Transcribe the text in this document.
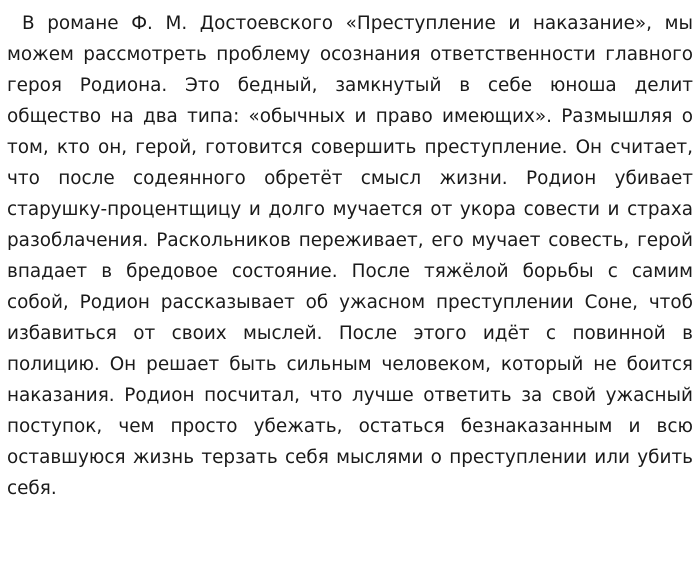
В романе Ф. М. Достоевского «Преступление и наказание», мы можем рассмотреть проблему осознания ответственности главного героя Родиона. Это бедный, замкнутый в себе юноша делит общество на два типа: «обычных и право имеющих». Размышляя о том, кто он, герой, готовится совершить преступление. Он считает, что после содеянного обретёт смысл жизни. Родион убивает старушку-процентщицу и долго мучается от укора совести и страха разоблачения. Раскольников переживает, его мучает совесть, герой впадает в бредовое состояние. После тяжёлой борьбы с самим собой, Родион рассказывает об ужасном преступлении Соне, чтоб избавиться от своих мыслей. После этого идёт с повинной в полицию. Он решает быть сильным человеком, который не боится наказания. Родион посчитал, что лучше ответить за свой ужасный поступок, чем просто убежать, остаться безнаказанным и всю оставшуюся жизнь терзать себя мыслями о преступлении или убить себя.
